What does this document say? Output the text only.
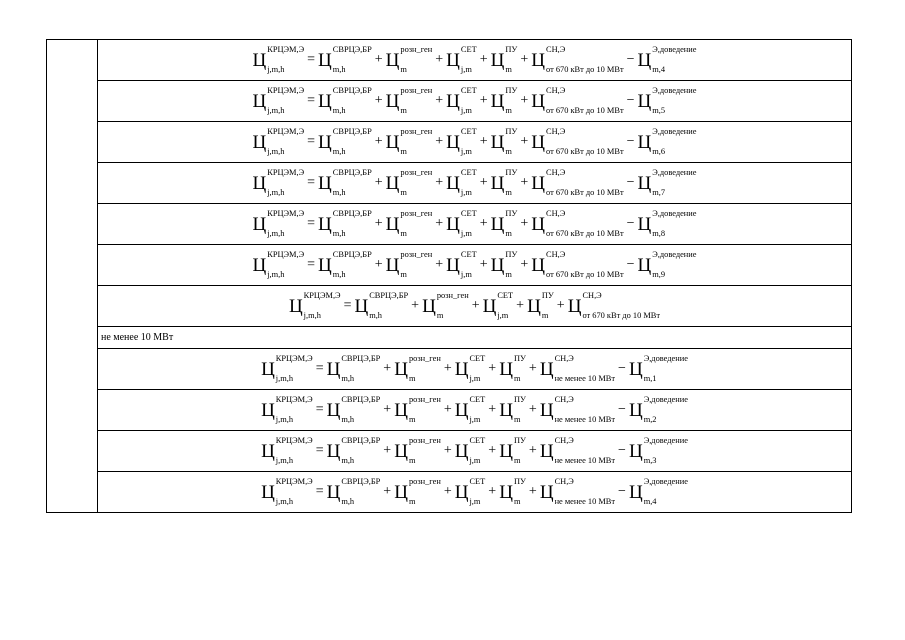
Ц КРЦЭМ,Э
j,m,h
= Ц СВРЦЭ,БР
m,h
+ Ц розн_ген
m
+ Ц СЕТ
j,m
+ Ц ПУ
m
+ Ц СН,Э
от 670 кВт до 10 МВт
− Ц Э,доведение
m,4

Ц КРЦЭМ,Э
j,m,h
= Ц СВРЦЭ,БР
m,h
+ Ц розн_ген
m
+ Ц СЕТ
j,m
+ Ц ПУ
m
+ Ц СН,Э
от 670 кВт до 10 МВт
− Ц Э,доведение
m,5

Ц КРЦЭМ,Э
j,m,h
= Ц СВРЦЭ,БР
m,h
+ Ц розн_ген
m
+ Ц СЕТ
j,m
+ Ц ПУ
m
+ Ц СН,Э
от 670 кВт до 10 МВт
− Ц Э,доведение
m,6

Ц КРЦЭМ,Э
j,m,h
= Ц СВРЦЭ,БР
m,h
+ Ц розн_ген
m
+ Ц СЕТ
j,m
+ Ц ПУ
m
+ Ц СН,Э
от 670 кВт до 10 МВт
− Ц Э,доведение
m,7

Ц КРЦЭМ,Э
j,m,h
= Ц СВРЦЭ,БР
m,h
+ Ц розн_ген
m
+ Ц СЕТ
j,m
+ Ц ПУ
m
+ Ц СН,Э
от 670 кВт до 10 МВт
− Ц Э,доведение
m,8

Ц КРЦЭМ,Э
j,m,h
= Ц СВРЦЭ,БР
m,h
+ Ц розн_ген
m
+ Ц СЕТ
j,m
+ Ц ПУ
m
+ Ц СН,Э
от 670 кВт до 10 МВт
− Ц Э,доведение
m,9

Ц КРЦЭМ,Э
j,m,h
= Ц СВРЦЭ,БР
m,h
+ Ц розн_ген
m
+ Ц СЕТ
j,m
+ Ц ПУ
m
+ Ц СН,Э
от 670 кВт до 10 МВт

не менее 10 МВт

Ц КРЦЭМ,Э
j,m,h
= Ц СВРЦЭ,БР
m,h
+ Ц розн_ген
m
+ Ц СЕТ
j,m
+ Ц ПУ
m
+ Ц СН,Э
не менее 10 МВт
− Ц Э,доведение
m,1

Ц КРЦЭМ,Э
j,m,h
= Ц СВРЦЭ,БР
m,h
+ Ц розн_ген
m
+ Ц СЕТ
j,m
+ Ц ПУ
m
+ Ц СН,Э
не менее 10 МВт
− Ц Э,доведение
m,2

Ц КРЦЭМ,Э
j,m,h
= Ц СВРЦЭ,БР
m,h
+ Ц розн_ген
m
+ Ц СЕТ
j,m
+ Ц ПУ
m
+ Ц СН,Э
не менее 10 МВт
− Ц Э,доведение
m,3

Ц КРЦЭМ,Э
j,m,h
= Ц СВРЦЭ,БР
m,h
+ Ц розн_ген
m
+ Ц СЕТ
j,m
+ Ц ПУ
m
+ Ц СН,Э
не менее 10 МВт
− Ц Э,доведение
m,4
